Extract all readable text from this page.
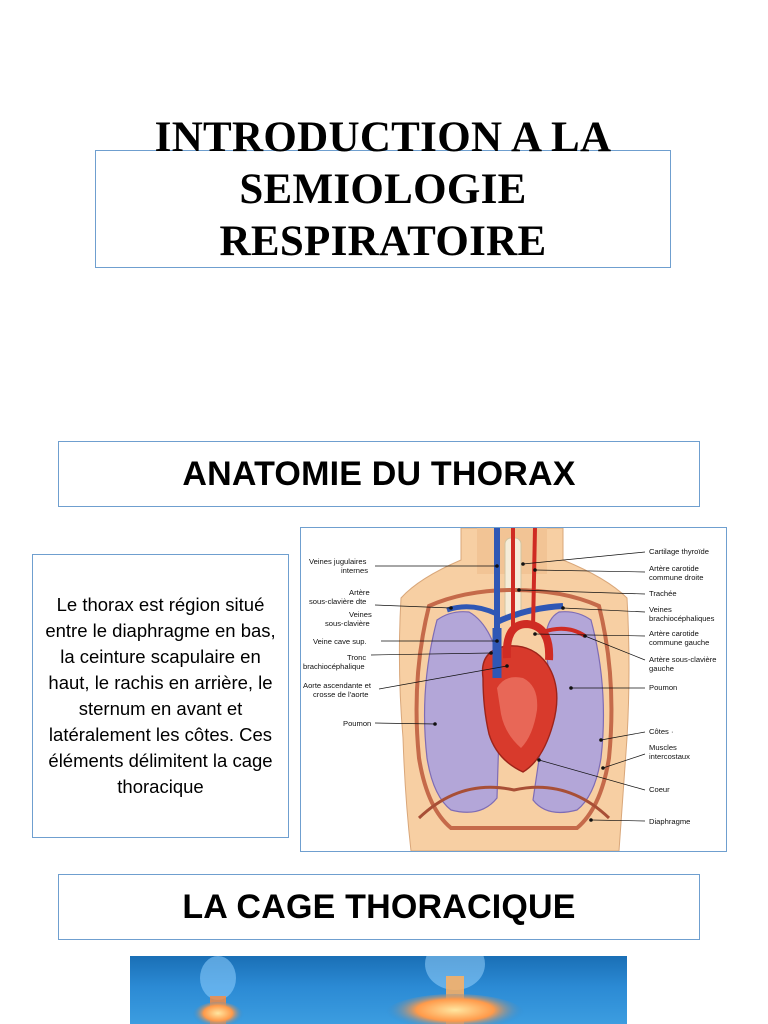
INTRODUCTION A LA
SEMIOLOGIE
RESPIRATOIRE
ANATOMIE DU THORAX

Le thorax est région situé entre le diaphragme en bas, la ceinture scapulaire en haut, le rachis en arrière, le sternum en avant et latéralement les côtes. Ces éléments délimitent la cage thoracique

Veines jugulaires
internes
Artère
sous-clavière dte
Veines
sous-clavière
Veine cave sup.
Tronc
brachiocéphalique
Aorte ascendante et
crosse de l'aorte
Poumon
Cartilage thyroïde
Artère carotide
commune droite
Trachée
Veines
brachiocéphaliques
Artère carotide
commune gauche
Artère sous-clavière
gauche
Poumon
Côtes ·
Muscles
intercostaux
Coeur
Diaphragme
LA CAGE THORACIQUE
